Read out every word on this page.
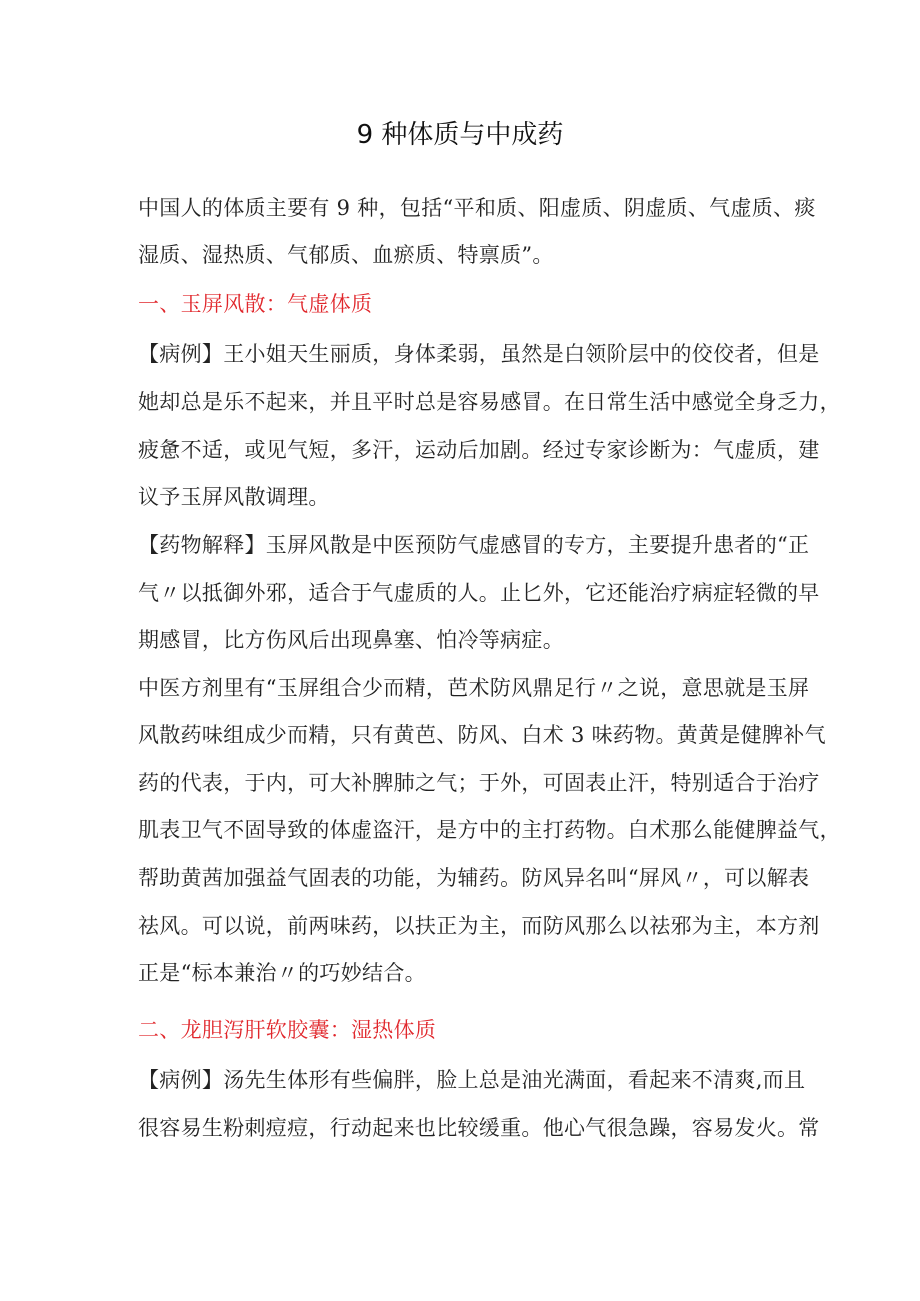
9 种体质与中成药
中国人的体质主要有 9 种，包括“平和质、阳虚质、阴虚质、气虚质、痰
湿质、湿热质、气郁质、血瘀质、特禀质”。
一、玉屏风散：气虚体质
【病例】王小姐天生丽质，身体柔弱，虽然是白领阶层中的佼佼者，但是
她却总是乐不起来，并且平时总是容易感冒。在日常生活中感觉全身乏力，
疲惫不适，或见气短，多汗，运动后加剧。经过专家诊断为：气虚质，建
议予玉屏风散调理。
【药物解释】玉屏风散是中医预防气虚感冒的专方，主要提升患者的“正
气〃以抵御外邪，适合于气虚质的人。止匕外，它还能治疗病症轻微的早
期感冒，比方伤风后出现鼻塞、怕冷等病症。
中医方剂里有“玉屏组合少而精，芭术防风鼎足行〃之说，意思就是玉屏
风散药味组成少而精，只有黄芭、防风、白术 3 味药物。黄黄是健脾补气
药的代表，于内，可大补脾肺之气；于外，可固表止汗，特别适合于治疗
肌表卫气不固导致的体虚盗汗，是方中的主打药物。白术那么能健脾益气，
帮助黄茜加强益气固表的功能，为辅药。防风异名叫“屏风〃，可以解表
祛风。可以说，前两味药，以扶正为主，而防风那么以祛邪为主，本方剂
正是“标本兼治〃的巧妙结合。
二、龙胆泻肝软胶囊：湿热体质
【病例】汤先生体形有些偏胖，脸上总是油光满面，看起来不清爽,而且
很容易生粉刺痘痘，行动起来也比较缓重。他心气很急躁，容易发火。常
